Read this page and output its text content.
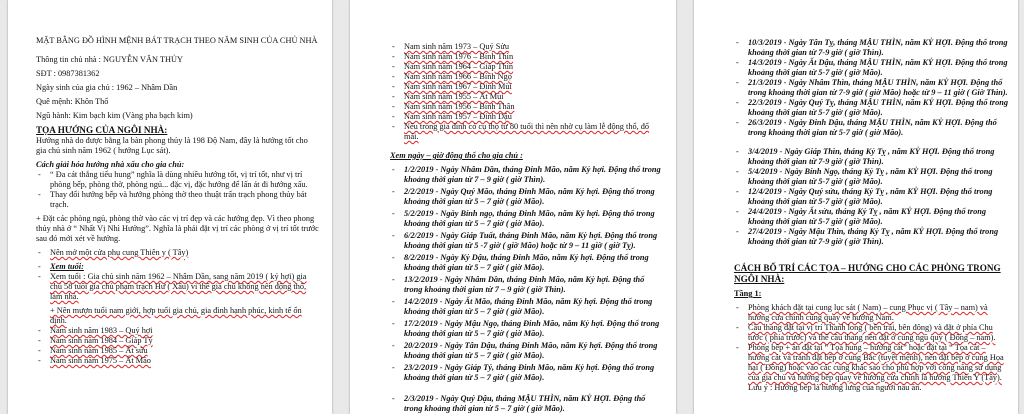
MẶT BẰNG ĐỒ HÌNH MỆNH BÁT TRẠCH THEO NĂM SINH CỦA CHỦ NHÀ

Thông tin chủ nhà : NGUYỄN VĂN THỦY

SĐT : 0987381362

Ngày sinh của gia chủ : 1962 – Nhâm Dần

Quê mệnh: Khôn Thổ

Ngũ hành: Kim bạch kim (Vàng pha bạch kim)

TỌA HƯỚNG CỦA NGÔI NHÀ:

Hướng nhà do được bằng la bàn phong thủy là 198 Độ Nam, đây là hướng tốt cho gia chủ sinh năm 1962 ( hướng Lục sát).

Cách giải hóa hướng nhà xấu cho gia chủ:

- “ Đa cát thắng tiểu hung” nghĩa là dùng nhiều hướng tốt, vị trí tốt, như vị trí phòng bếp, phòng thờ, phòng ngủ... đặc vị, đặc hướng để lấn át đi hướng xấu.
- Thay đổi hướng bếp và hướng phòng thờ theo thuật trấn trạch phong thủy bát trạch.

+ Đặt các phòng ngủ, phòng thờ vào các vị trí đẹp và các hướng đẹp. Vì theo phong thủy nhà ở “ Nhất Vị Nhì Hướng”. Nghĩa là phải đặt vị trí các phòng ở vị trí tốt trước sau đó mới xét về hướng.

- Nên mở một cửa phụ cung Thiên y ( Tây)
- Xem tuổi:
- Xem tuổi : Gia chủ sinh năm 1962 – Nhâm Dần, sang năm 2019 ( kỷ hợi) gia chủ 58 tuổi gia chủ phạm trạch Hư ( Xấu) vì thế gia chủ không nên động thổ, làm nhà.

+ Nên mượn tuổi nam giới, hợp tuổi gia chủ, gia đình hạnh phúc, kinh tế ổn định.

- Nam sinh năm 1983 – Quý hợi
- Nam sinh năm 1984 – Giáp Tý
- Nam sinh năm 1985 – Ất sửu
- Nam sinh năm 1975 – Ất Mão
- Nam sinh năm 1973 – Quý Sửu
- Nam sinh năm 1976 – Bính Thìn
- Nam sinh năm 1964 – Giáp Thìn
- Nam sinh năm 1966 – Bính Ngọ
- Nam sinh năm 1967 – Đinh Mùi
- Nam sinh năm 1955 – Ất Mùi
- Nam sinh năm 1956 – Bính Thân
- Nam sinh năm 1957 – Đinh Dậu
- Nếu trong gia đình có cụ thọ từ 80 tuổi thì nên nhờ cụ làm lễ động thổ, đổ mái.

Xem ngày – giờ động thổ cho gia chủ :

- 1/2/2019 - Ngày Nhâm Dần, tháng Đinh Mão, năm Kỷ hợi. Động thổ trong khoảng thời gian từ 7 – 9 giờ ( giờ Thìn).
- 2/2/2019 - Ngày Quý Mão, tháng Đinh Mão, năm Kỷ hợi. Động thổ trong khoảng thời gian từ 5 – 7 giờ ( giờ Mão).
- 5/2/2019 - Ngày Bính ngọ, tháng Đinh Mão, năm Kỷ hợi. Động thổ trong khoảng thời gian từ 5 – 7 giờ ( giờ Mão).
- 6/2/2019 - Ngày Giáp Tuất, tháng Đinh Mão, năm Kỷ hợi. Động thổ trong khoảng thời gian từ 5 -7 giờ ( giờ Mão) hoặc từ 9 – 11 giờ ( giờ Tỵ).
- 8/2/2019 - Ngày Kỷ Dậu, tháng Đinh Mão, năm Kỷ hợi. Động thổ trong khoảng thời gian từ 5 – 7 giờ ( giờ Mão).
- 13/2/2019 - Ngày Nhâm Dần, tháng Đinh Mão, năm Kỷ hợi. Động thổ trong khoảng thời gian từ 7 – 9 giờ ( giờ Thìn).
- 14/2/2019 - Ngày Ất Mão, tháng Đinh Mão, năm Kỷ hợi. Động thổ trong khoảng thời gian từ 5 – 7 giờ ( giờ Mão).
- 17/2/2019 - Ngày Mậu Ngọ, tháng Đinh Mão, năm Kỷ hợi. Động thổ trong khoảng thời gian từ 5 – 7 giờ ( giờ Mão).
- 20/2/2019 - Ngày Tân Dậu, tháng Đinh Mão, năm Kỷ hợi. Động thổ trong khoảng thời gian từ 5 – 7 giờ ( giờ Mão).
- 23/2/2019 - Ngày Giáp Tý, tháng Đinh Mão, năm Kỷ hợi. Động thổ trong khoảng thời gian từ 5 – 7 giờ ( giờ Mão).
- 2/3/2019 - Ngày Quý Dậu, tháng MẬU THÌN, năm KỶ HỢI. Động thổ trong khoảng thời gian từ 5 – 7 giờ ( giờ Mão).
- 10/3/2019 - Ngày Tân Tỵ, tháng MẬU THÌN, năm KỶ HỢI. Động thổ trong khoảng thời gian từ 7-9 giờ ( giờ Thìn).
- 14/3/2019 - Ngày Ất Dậu, tháng MẬU THÌN, năm KỶ HỢI. Động thổ trong khoảng thời gian từ 5-7 giờ ( giờ Mão).
- 21/3/2019 - Ngày Nhâm Thìn, tháng MẬU THÌN, năm KỶ HỢI. Động thổ trong khoảng thời gian từ 7-9 giờ ( giờ Mão) hoặc từ 9 – 11 giờ ( Giờ Thìn).
- 22/3/2019 - Ngày Quý Tỵ, tháng MẬU THÌN, năm KỶ HỢI. Động thổ trong khoảng thời gian từ 5-7 giờ ( giờ Mão).
- 26/3/2019 - Ngày Đinh Dậu, tháng MẬU THÌN, năm KỶ HỢI. Động thổ trong khoảng thời gian từ 5-7 giờ ( giờ Mão).
- 3/4/2019 - Ngày Giáp Thìn, tháng Kỷ Tỵ , năm KỶ HỢI. Động thổ trong khoảng thời gian từ 7-9 giờ ( giờ Thìn).
- 5/4/2019 - Ngày Bính Ngọ, tháng Kỷ Tỵ , năm KỶ HỢI. Động thổ trong khoảng thời gian từ 5-7 giờ ( giờ Mão).
- 12/4/2019 - Ngày Quý sửu, tháng Kỷ Tỵ , năm KỶ HỢI. Động thổ trong khoảng thời gian từ 5-7 giờ ( giờ Mão).
- 24/4/2019 - Ngày Ất sửu, tháng Kỷ Tỵ , năm KỶ HỢI. Động thổ trong khoảng thời gian từ 5-7 giờ ( giờ Mão).
- 27/4/2019 - Ngày Mậu Thìn, tháng Kỷ Tỵ , năm KỶ HỢI. Động thổ trong khoảng thời gian từ 7-9 giờ ( giờ Thìn).

CÁCH BỐ TRÍ CÁC TỌA – HƯỚNG CHO CÁC PHÒNG TRONG NGÔI NHÀ:

Tầng 1:

- Phòng khách đặt tại cung lục sát ( Nam) – cung Phục vị ( Tây – nam) và hướng cửa chính cũng quay về hướng Nam.
- Cầu thang đặt tại vị trí Thanh long ( bên trái, bên đông) và đặt ở phía Chu tước ( phía trước) và thể cầu thang nên đặt ở cung ngũ quỷ ( Đông – nam).
- Phòng bếp + ăn đặt tại “ Tọa hung – hướng cát” hoặc đặt tại “ Tọa cát – hướng cát và tránh đặt bếp ở cung Bắc (tuyệt mệnh), nên đặt bếp ở cung Họa hại ( Đông) hoặc vào các cung khác sao cho phù hợp với công năng sử dụng của gia chủ và hướng bếp quay về hướng cửa chính là hướng Thiên Y (Tây).

Lưu ý : Hướng bếp là hướng lưng của người nấu ăn.
